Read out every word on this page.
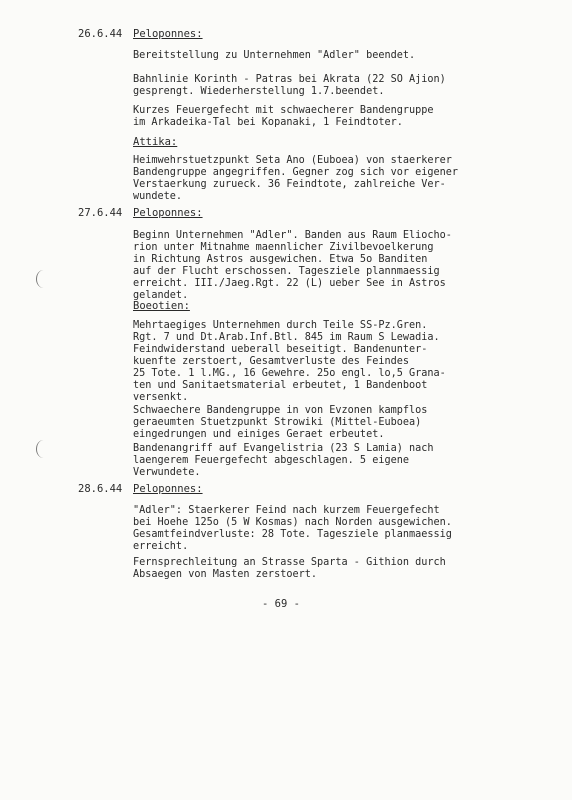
26.6.44 Peloponnes:
Bereitstellung zu Unternehmen "Adler" beendet.
Bahnlinie Korinth - Patras bei Akrata (22 SO Ajion)
gesprengt. Wiederherstellung 1.7.beendet.
Kurzes Feuergefecht mit schwaecherer Bandengruppe
im Arkadeika-Tal bei Kopanaki, 1 Feindtoter.
Attika:
Heimwehrstuetzpunkt Seta Ano (Euboea) von staerkerer
Bandengruppe angegriffen. Gegner zog sich vor eigener
Verstaerkung zurueck. 36 Feindtote, zahlreiche Ver-
wundete.
27.6.44 Peloponnes:
Beginn Unternehmen "Adler". Banden aus Raum Eliocho-
rion unter Mitnahme maennlicher Zivilbevoelkerung
in Richtung Astros ausgewichen. Etwa 5o Banditen
auf der Flucht erschossen. Tagesziele plannmaessig
erreicht. III./Jaeg.Rgt. 22 (L) ueber See in Astros
gelandet.
Boeotien:
Mehrtaegiges Unternehmen durch Teile SS-Pz.Gren.
Rgt. 7 und Dt.Arab.Inf.Btl. 845 im Raum S Lewadia.
Feindwiderstand ueberall beseitigt. Bandenunter-
kuenfte zerstoert, Gesamtverluste des Feindes
25 Tote. 1 l.MG., 16 Gewehre. 25o engl. lo,5 Grana-
ten und Sanitaetsmaterial erbeutet, 1 Bandenboot
versenkt.
Schwaechere Bandengruppe in von Evzonen kampflos
geraeumten Stuetzpunkt Strowiki (Mittel-Euboea)
eingedrungen und einiges Geraet erbeutet.
Bandenangriff auf Evangelistria (23 S Lamia) nach
laengerem Feuergefecht abgeschlagen. 5 eigene
Verwundete.
28.6.44 Peloponnes:
"Adler": Staerkerer Feind nach kurzem Feuergefecht
bei Hoehe 125o (5 W Kosmas) nach Norden ausgewichen.
Gesamtfeindverluste: 28 Tote. Tagesziele planmaessig
erreicht.
Fernsprechleitung an Strasse Sparta - Githion durch
Absaegen von Masten zerstoert.
- 69 -
